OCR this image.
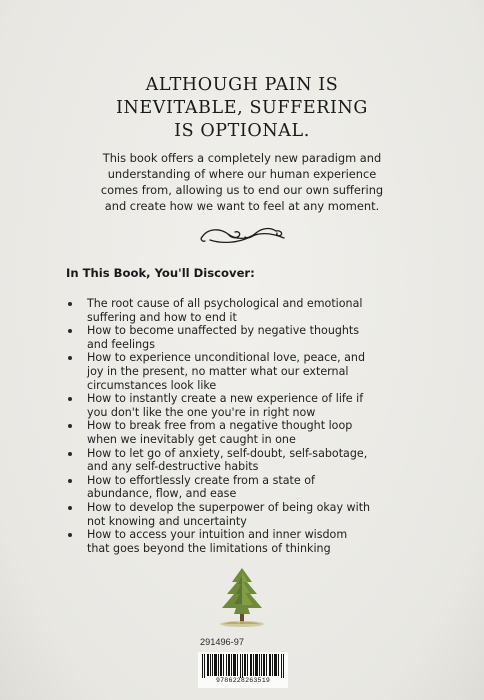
ALTHOUGH PAIN IS
INEVITABLE, SUFFERING
IS OPTIONAL.
This book offers a completely new paradigm and
understanding of where our human experience
comes from, allowing us to end our own suffering
and create how we want to feel at any moment.
In This Book, You'll Discover:
The root cause of all psychological and emotional
suffering and how to end it
How to become unaffected by negative thoughts
and feelings
How to experience unconditional love, peace, and
joy in the present, no matter what our external
circumstances look like
How to instantly create a new experience of life if
you don't like the one you're in right now
How to break free from a negative thought loop
when we inevitably get caught in one
How to let go of anxiety, self-doubt, self-sabotage,
and any self-destructive habits
How to effortlessly create from a state of
abundance, flow, and ease
How to develop the superpower of being okay with
not knowing and uncertainty
How to access your intuition and inner wisdom
that goes beyond the limitations of thinking
291496-97
9786228263519
